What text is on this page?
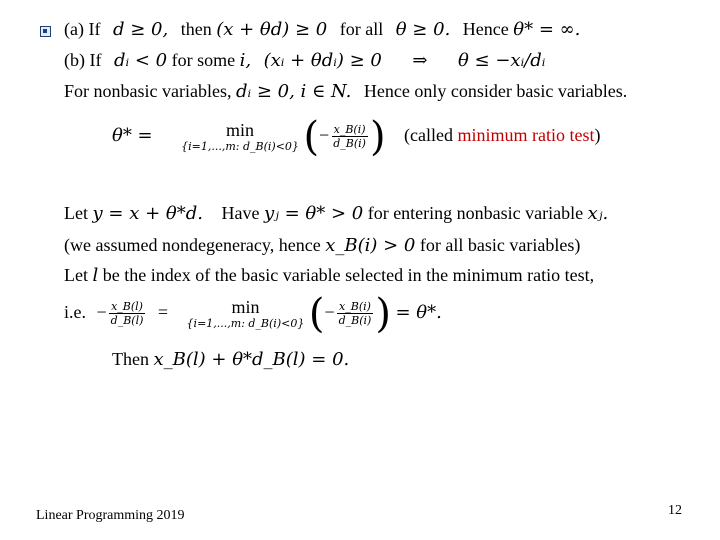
(a) If d ≥ 0, then (x + θd) ≥ 0 for all θ ≥ 0. Hence θ* = ∞.
(b) If dᵢ < 0 for some i, (xᵢ + θdᵢ) ≥ 0 ⇒ θ ≤ −xᵢ/dᵢ
For nonbasic variables, dᵢ ≥ 0, i ∈ N. Hence only consider basic variables.
θ* =	min
{i=1,...,m: d_B(i)<0} (− $\frac{x\_B(i)}{d\_B(i)}$ ) (called minimum ratio test)
Let y = x + θ*d. Have yⱼ = θ* > 0 for entering nonbasic variable xⱼ.
(we assumed nondegeneracy, hence x_B(i) > 0 for all basic variables)
Let l be the index of the basic variable selected in the minimum ratio test,
i.e. − $\frac{x\_B(l)}{d\_B(l)}$ =	min
{i=1,...,m: d_B(i)<0} (− $\frac{x\_B(i)}{d\_B(i)}$ ) = θ*.
Then x_B(l) + θ*d_B(l) = 0.
Linear Programming 2019	12
